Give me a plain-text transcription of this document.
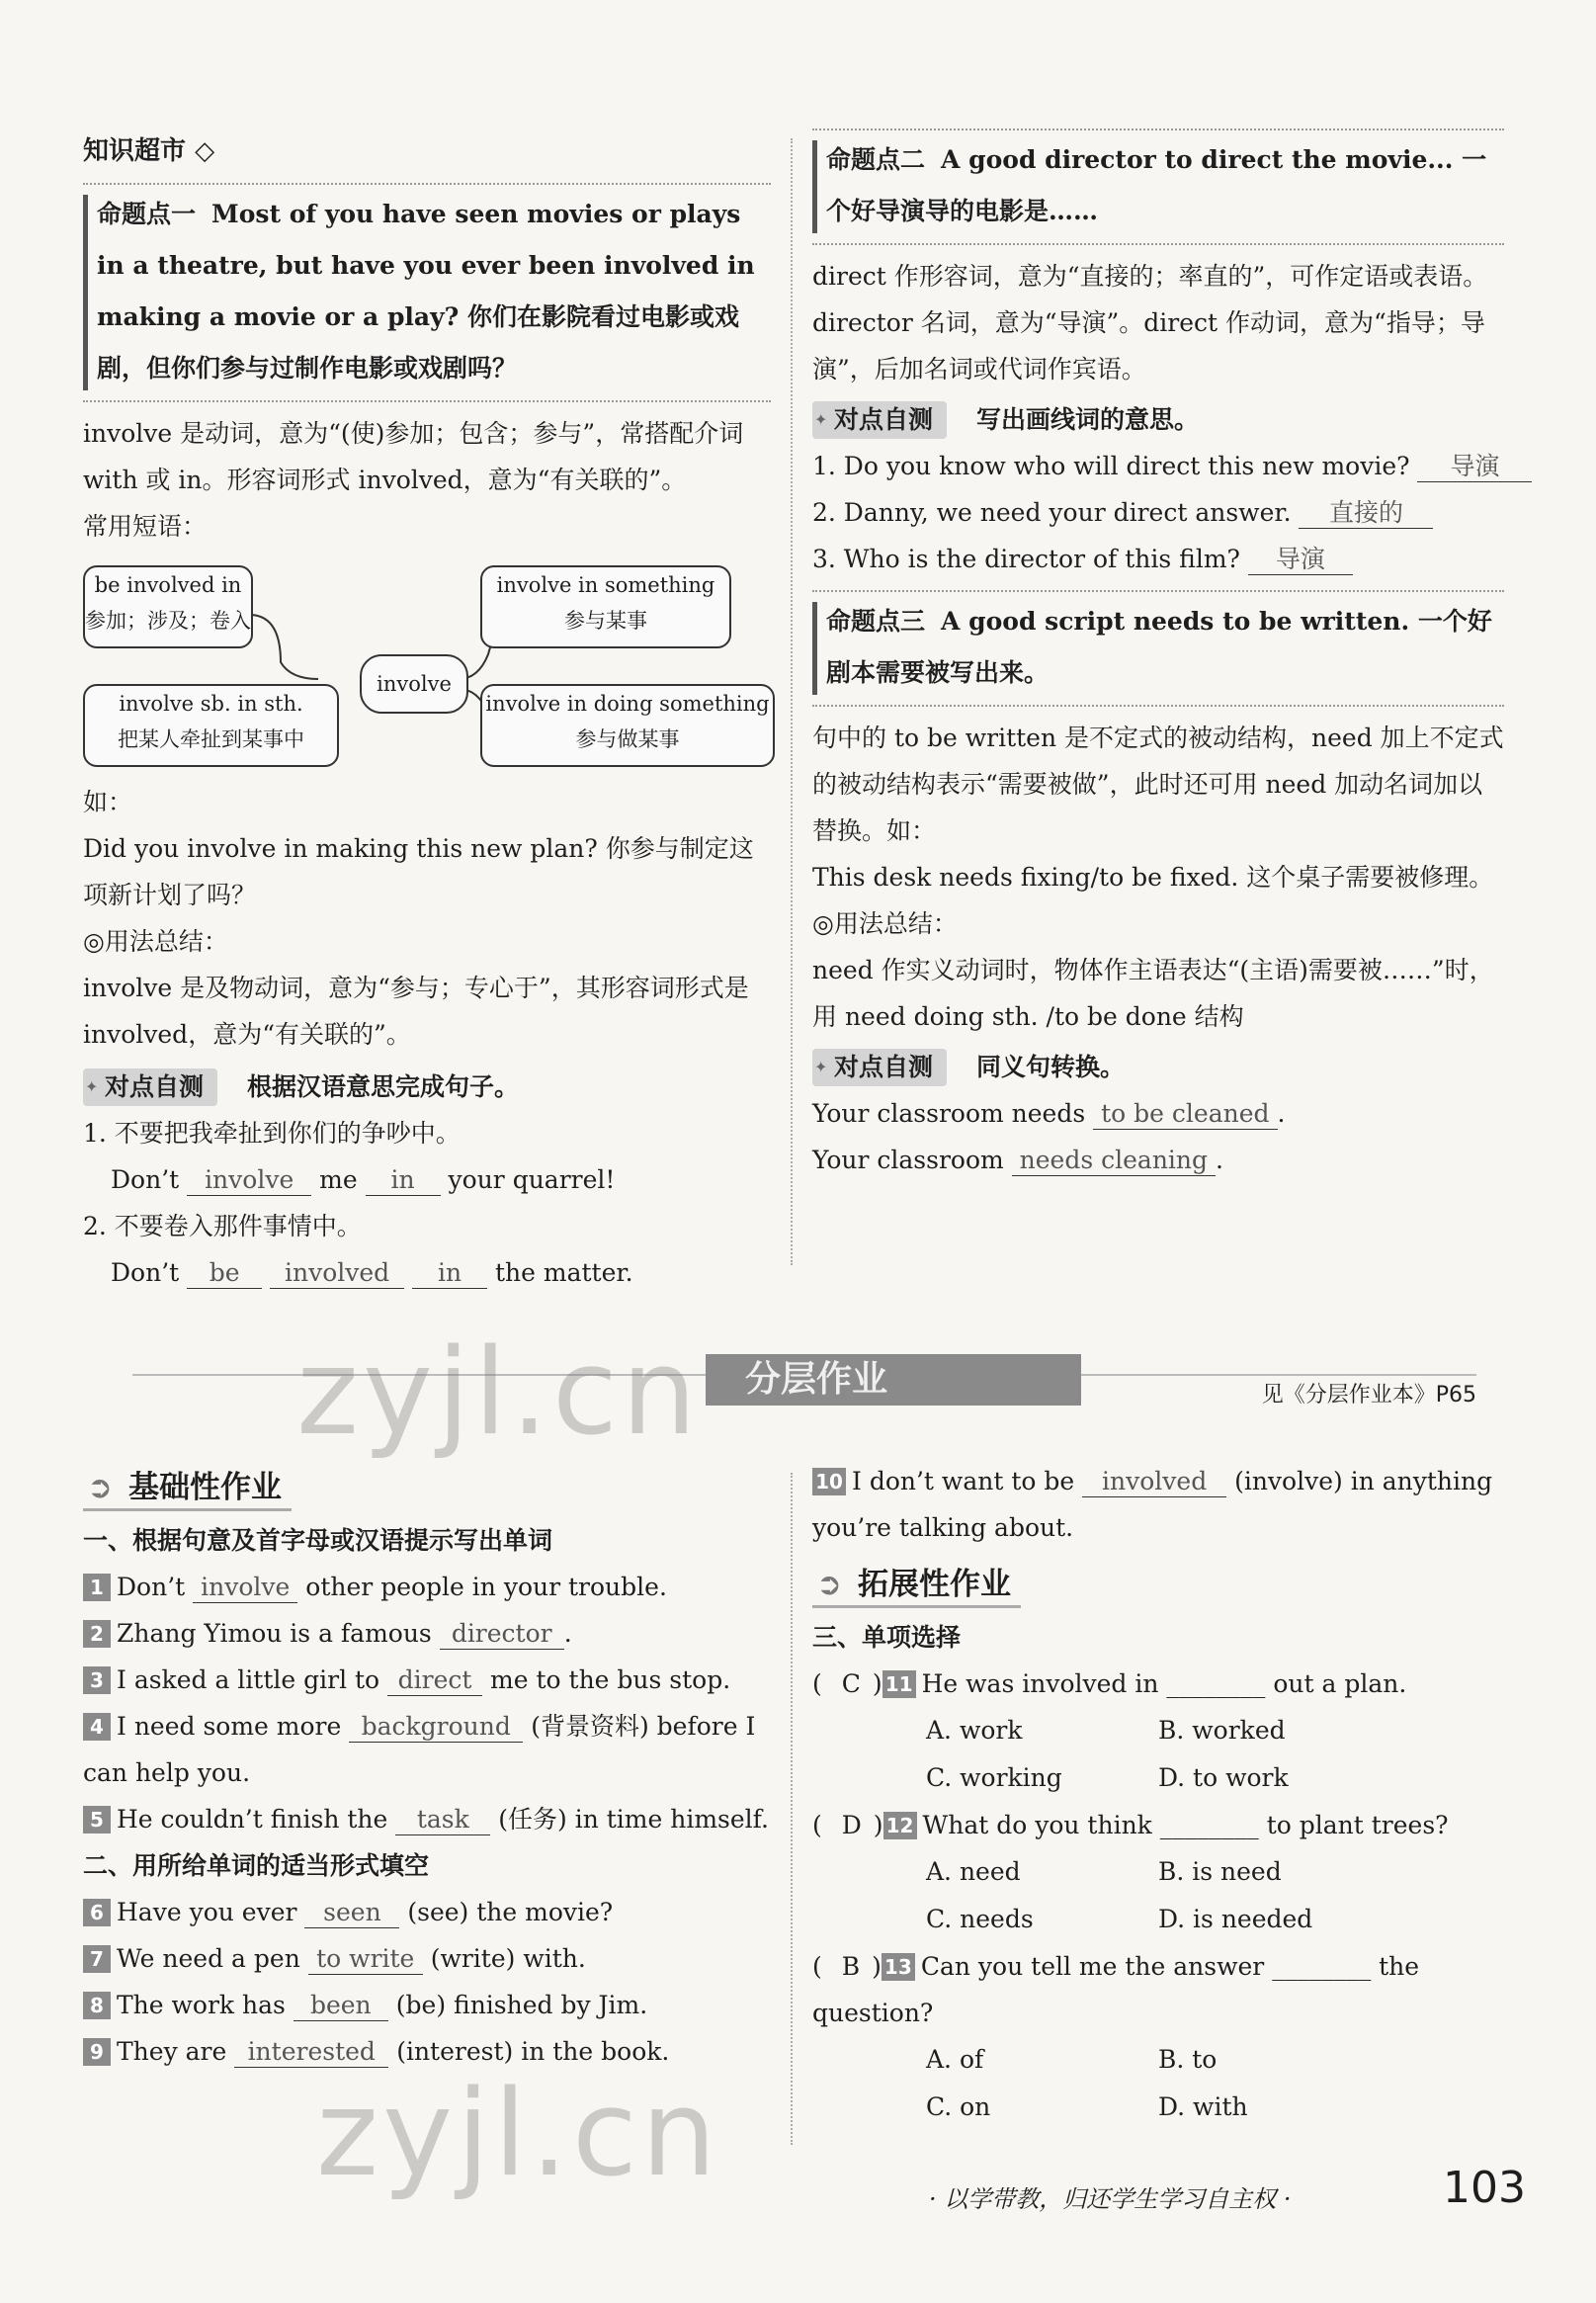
知识超市 ◇
命题点一 Most of you have seen movies or plays in a theatre, but have you ever been involved in making a movie or a play? 你们在影院看过电影或戏剧，但你们参与过制作电影或戏剧吗？
involve 是动词，意为“(使)参加；包含；参与”，常搭配介词 with 或 in。形容词形式 involved，意为“有关联的”。
常用短语：
be involved in
参加；涉及；卷入
involve in something
参与某事
involve
involve sb. in sth.
把某人牵扯到某事中
involve in doing something
参与做某事
如：
Did you involve in making this new plan? 你参与制定这项新计划了吗？
◎用法总结：
involve 是及物动词，意为“参与；专心于”，其形容词形式是 involved，意为“有关联的”。
✦ 对点自测 根据汉语意思完成句子。
1. 不要把我牵扯到你们的争吵中。
Don’t involve me in your quarrel!
2. 不要卷入那件事情中。
Don’t be involved in the matter.
命题点二 A good director to direct the movie... 一个好导演导的电影是……
direct 作形容词，意为“直接的；率直的”，可作定语或表语。director 名词，意为“导演”。direct 作动词，意为“指导；导演”，后加名词或代词作宾语。
✦ 对点自测 写出画线词的意思。
1. Do you know who will direct this new movie? 导演
2. Danny, we need your direct answer. 直接的
3. Who is the director of this film? 导演
命题点三 A good script needs to be written. 一个好剧本需要被写出来。
句中的 to be written 是不定式的被动结构，need 加上不定式的被动结构表示“需要被做”，此时还可用 need 加动名词加以替换。如：
This desk needs fixing/to be fixed. 这个桌子需要被修理。
◎用法总结：
need 作实义动词时，物体作主语表达“(主语)需要被……”时，用 need doing sth. /to be done 结构
✦ 对点自测 同义句转换。
Your classroom needs to be cleaned .
Your classroom needs cleaning .
分层作业	见《分层作业本》P65
➲ 基础性作业
一、根据句意及首字母或汉语提示写出单词
1 Don’t involve other people in your trouble.
2 Zhang Yimou is a famous director .
3 I asked a little girl to direct me to the bus stop.
4 I need some more background (背景资料) before I can help you.
5 He couldn’t finish the task (任务) in time himself.
二、用所给单词的适当形式填空
6 Have you ever seen (see) the movie?
7 We need a pen to write (write) with.
8 The work has been (be) finished by Jim.
9 They are interested (interest) in the book.
10 I don’t want to be involved (involve) in anything you’re talking about.
➲ 拓展性作业
三、单项选择
( C ) 11 He was involved in ________ out a plan.
A. work	B. worked
C. working	D. to work
( D ) 12 What do you think ________ to plant trees?
A. need	B. is need
C. needs	D. is needed
( B ) 13 Can you tell me the answer ________ the question?
A. of	B. to
C. on	D. with
zyjl.cn
zyjl.cn	· 以学带教，归还学生学习自主权 ·	103
